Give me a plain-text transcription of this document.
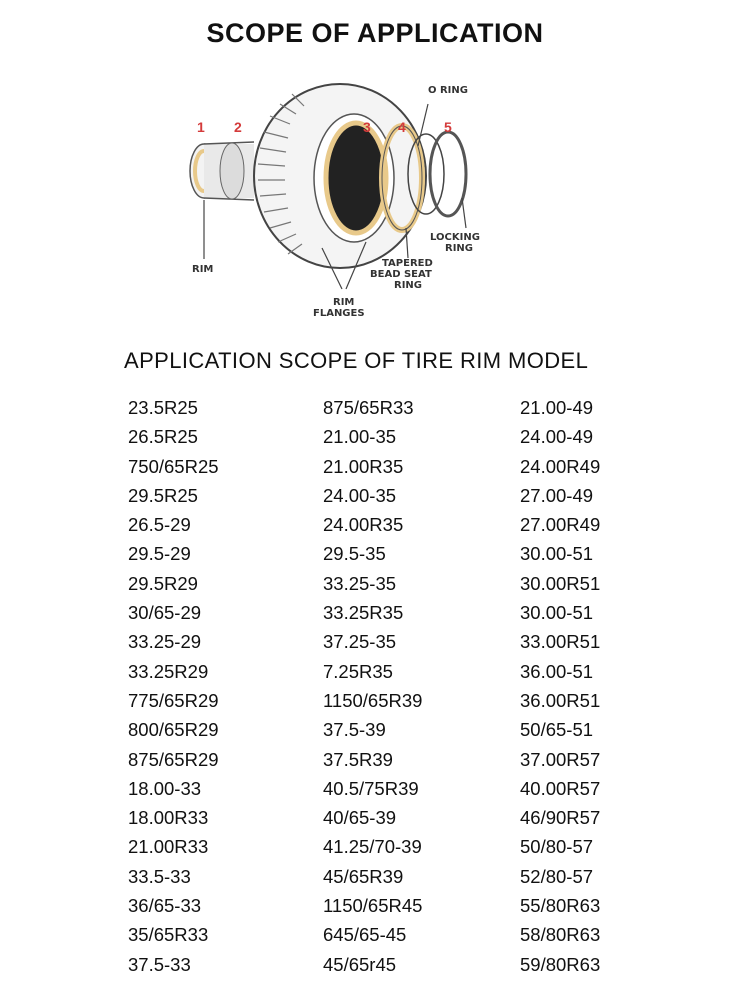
SCOPE OF APPLICATION
1 2	3 4	5
O RING
RIM
LOCKING
RING
TAPERED
BEAD SEAT
RING
RIM
FLANGES
APPLICATION SCOPE OF TIRE RIM MODEL
23.5R25
26.5R25
750/65R25
29.5R25
26.5-29
29.5-29
29.5R29
30/65-29
33.25-29
33.25R29
775/65R29
800/65R29
875/65R29
18.00-33
18.00R33
21.00R33
33.5-33
36/65-33
35/65R33
37.5-33
875/65R33
21.00-35
21.00R35
24.00-35
24.00R35
29.5-35
33.25-35
33.25R35
37.25-35
7.25R35
1150/65R39
37.5-39
37.5R39
40.5/75R39
40/65-39
41.25/70-39
45/65R39
1150/65R45
645/65-45
45/65r45
21.00-49
24.00-49
24.00R49
27.00-49
27.00R49
30.00-51
30.00R51
30.00-51
33.00R51
36.00-51
36.00R51
50/65-51
37.00R57
40.00R57
46/90R57
50/80-57
52/80-57
55/80R63
58/80R63
59/80R63
